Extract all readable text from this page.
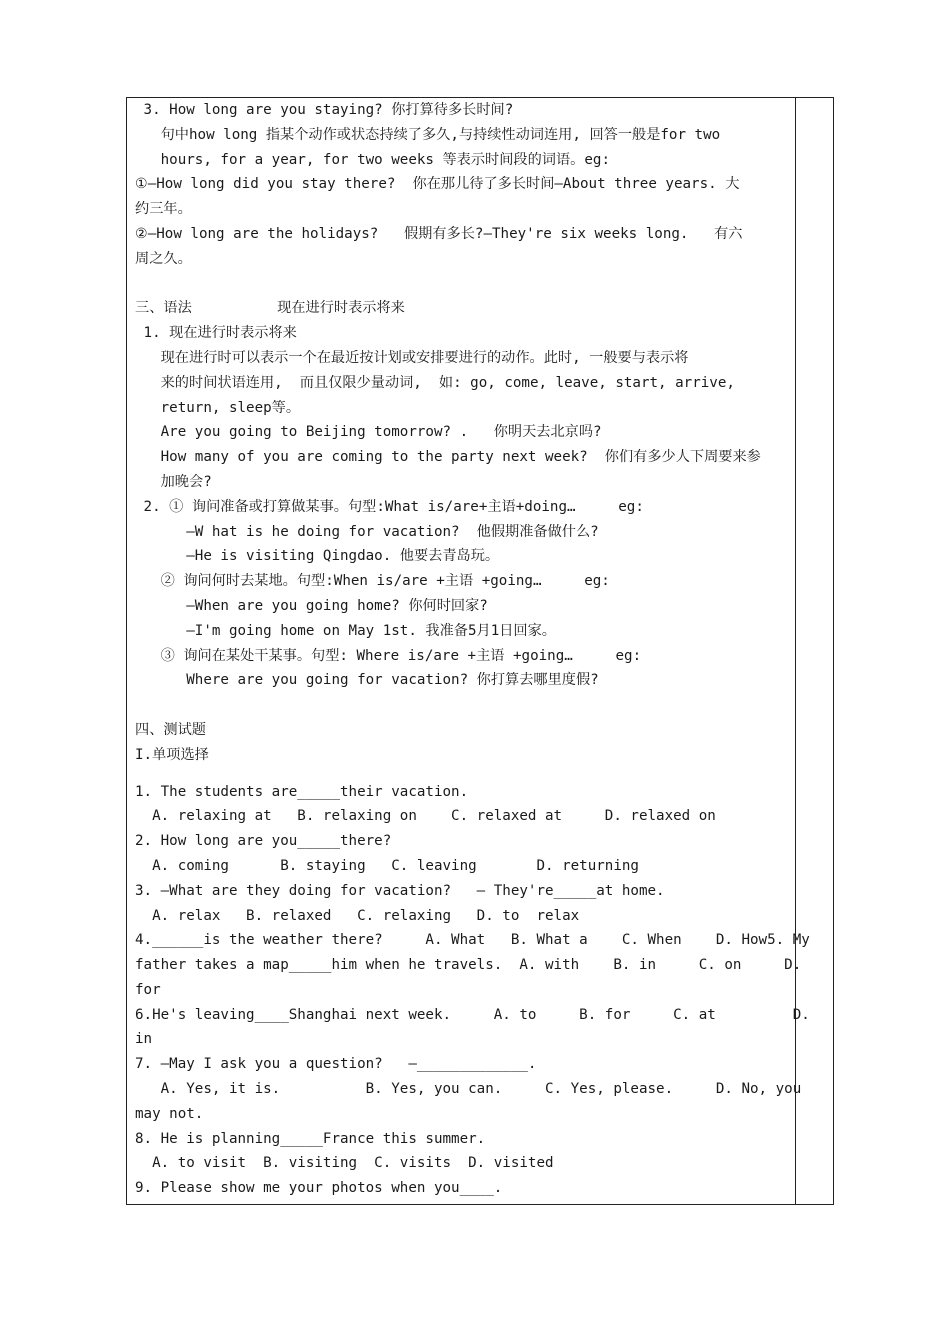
3. How long are you staying? 你打算待多长时间?
句中how long 指某个动作或状态持续了多久,与持续性动词连用, 回答一般是for two
hours, for a year, for two weeks 等表示时间段的词语。eg:
①—How long did you stay there?  你在那儿待了多长时间—About three years. 大
约三年。
②—How long are the holidays?   假期有多长?—They're six weeks long.   有六
周之久。
三、语法          现在进行时表示将来
1. 现在进行时表示将来
现在进行时可以表示一个在最近按计划或安排要进行的动作。此时, 一般要与表示将
来的时间状语连用,  而且仅限少量动词,  如: go, come, leave, start, arrive,
return, sleep等。
Are you going to Beijing tomorrow? .   你明天去北京吗?
How many of you are coming to the party next week?  你们有多少人下周要来参
加晚会?
2. ① 询问准备或打算做某事。句型:What is/are+主语+doing…     eg:
—W hat is he doing for vacation?  他假期准备做什么?
—He is visiting Qingdao. 他要去青岛玩。
② 询问何时去某地。句型:When is/are +主语 +going…     eg:
—When are you going home? 你何时回家?
—I'm going home on May 1st. 我准备5月1日回家。
③ 询问在某处干某事。句型: Where is/are +主语 +going…     eg:
Where are you going for vacation? 你打算去哪里度假?
四、测试题
I.单项选择
1. The students are_____their vacation.
A. relaxing at   B. relaxing on    C. relaxed at     D. relaxed on
2. How long are you_____there?
A. coming      B. staying   C. leaving       D. returning
3. —What are they doing for vacation?   — They're_____at home.
A. relax   B. relaxed   C. relaxing   D. to  relax
4.______is the weather there?     A. What   B. What a    C. When    D. How5. My
father takes a map_____him when he travels.  A. with    B. in     C. on     D.
for
6.He's leaving____Shanghai next week.     A. to     B. for     C. at         D.
in
7. —May I ask you a question?   —_____________.
A. Yes, it is.          B. Yes, you can.     C. Yes, please.     D. No, you
may not.
8. He is planning_____France this summer.
A. to visit  B. visiting  C. visits  D. visited
9. Please show me your photos when you____.
